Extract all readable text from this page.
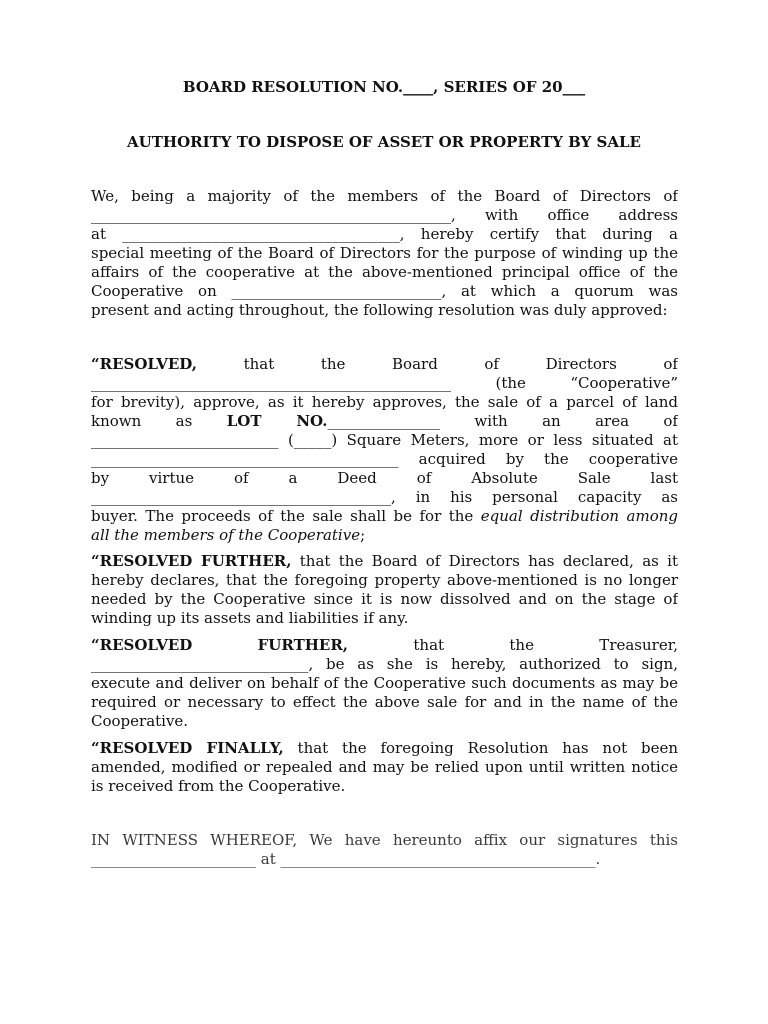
BOARD RESOLUTION NO.____, SERIES OF 20___
AUTHORITY TO DISPOSE OF ASSET OR PROPERTY BY SALE
We, being a majority of the members of the Board of Directors of
________________________________________________, with office address
at _____________________________________, hereby certify that during a
special meeting of the Board of Directors for the purpose of winding up the
affairs of the cooperative at the above-mentioned principal office of the
Cooperative on ____________________________, at which a quorum was
present and acting throughout, the following resolution was duly approved:
“RESOLVED,	that the Board of Directors of
________________________________________________ (the “Cooperative”
for brevity), approve, as it hereby approves, the sale of a parcel of land
known as LOT NO._______________ with an area of
_________________________ (_____) Square Meters, more or less situated at
_________________________________________ acquired by the cooperative
by virtue of a Deed of Absolute Sale last
________________________________________, in his personal capacity as
buyer. The proceeds of the sale shall be for the equal distribution among
all the members of the Cooperative;
“RESOLVED FURTHER, that the Board of Directors has declared, as it
hereby declares, that the foregoing property above-mentioned is no longer
needed by the Cooperative since it is now dissolved and on the stage of
winding up its assets and liabilities if any.
“RESOLVED	FURTHER,	that the Treasurer,
_____________________________, be as she is hereby, authorized to sign,
execute and deliver on behalf of the Cooperative such documents as may be
required or necessary to effect the above sale for and in the name of the
Cooperative.
“RESOLVED FINALLY, that the foregoing Resolution has not been
amended, modified or repealed and may be relied upon until written notice
is received from the Cooperative.
IN WITNESS WHEREOF, We have hereunto affix our signatures this
______________________ at __________________________________________.
